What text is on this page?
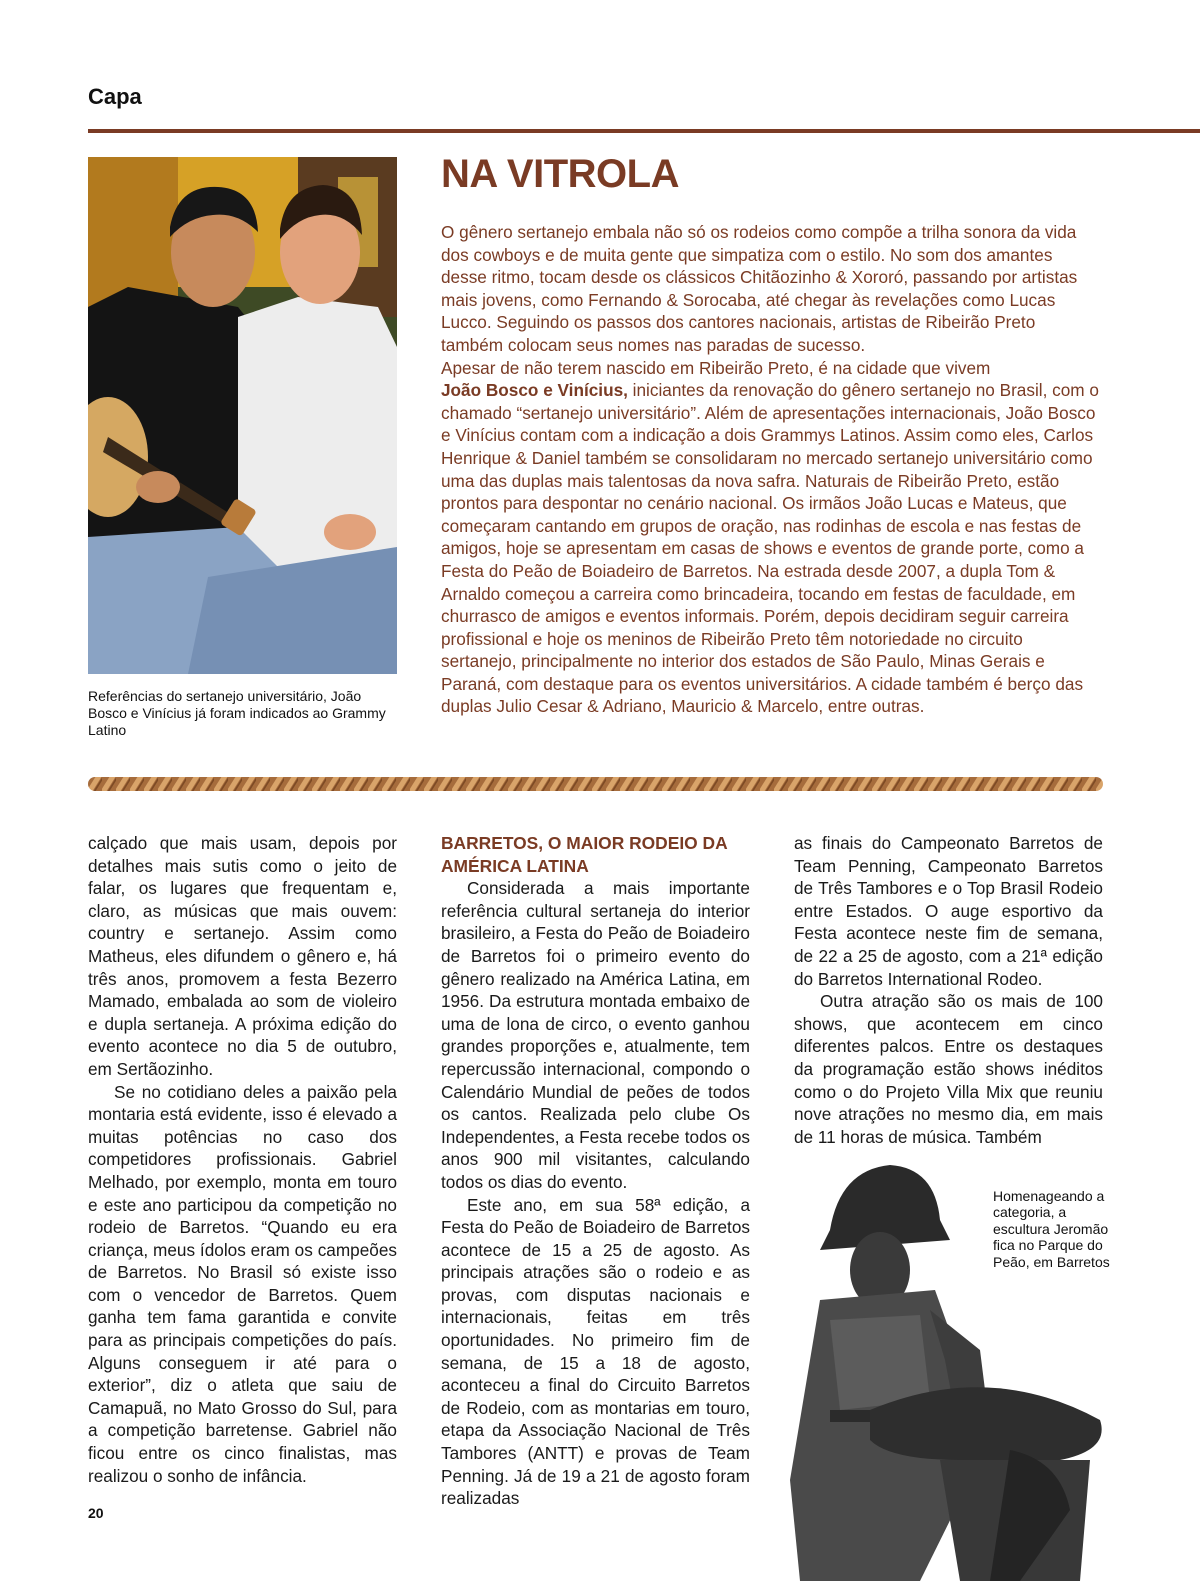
Capa
Referências do sertanejo universitário, João Bosco e Vinícius já foram indicados ao Grammy Latino
NA VITROLA
O gênero sertanejo embala não só os rodeios como compõe a trilha sonora da vida dos cowboys e de muita gente que simpatiza com o estilo. No som dos amantes desse ritmo, tocam desde os clássicos Chitãozinho & Xororó, passando por artistas mais jovens, como Fernando & Sorocaba, até chegar às revelações como Lucas Lucco. Seguindo os passos dos cantores nacionais, artistas de Ribeirão Preto também colocam seus nomes nas paradas de sucesso.
Apesar de não terem nascido em Ribeirão Preto, é na cidade que vivem
João Bosco e Vinícius, iniciantes da renovação do gênero sertanejo no Brasil, com o chamado “sertanejo universitário”. Além de apresentações internacionais, João Bosco e Vinícius contam com a indicação a dois Grammys Latinos. Assim como eles, Carlos Henrique & Daniel também se consolidaram no mercado sertanejo universitário como uma das duplas mais talentosas da nova safra. Naturais de Ribeirão Preto, estão prontos para despontar no cenário nacional. Os irmãos João Lucas e Mateus, que começaram cantando em grupos de oração, nas rodinhas de escola e nas festas de amigos, hoje se apresentam em casas de shows e eventos de grande porte, como a Festa do Peão de Boiadeiro de Barretos. Na estrada desde 2007, a dupla Tom & Arnaldo começou a carreira como brincadeira, tocando em festas de faculdade, em churrasco de amigos e eventos informais. Porém, depois decidiram seguir carreira profissional e hoje os meninos de Ribeirão Preto têm notoriedade no circuito sertanejo, principalmente no interior dos estados de São Paulo, Minas Gerais e Paraná, com destaque para os eventos universitários. A cidade também é berço das duplas Julio Cesar & Adriano, Mauricio & Marcelo, entre outras.

calçado que mais usam, depois por detalhes mais sutis como o jeito de falar, os lugares que frequentam e, claro, as músicas que mais ouvem: country e sertanejo. Assim como Matheus, eles difundem o gênero e, há três anos, promovem a festa Bezerro Mamado, embalada ao som de violeiro e dupla sertaneja. A próxima edição do evento acontece no dia 5 de outubro, em Sertãozinho.

Se no cotidiano deles a paixão pela montaria está evidente, isso é elevado a muitas potências no caso dos competidores profissionais. Gabriel Melhado, por exemplo, monta em touro e este ano participou da competição no rodeio de Barretos. “Quando eu era criança, meus ídolos eram os campeões de Barretos. No Brasil só existe isso com o vencedor de Barretos. Quem ganha tem fama garantida e convite para as principais competições do país. Alguns conseguem ir até para o exterior”, diz o atleta que saiu de Camapuã, no Mato Grosso do Sul, para a competição barretense. Gabriel não ficou entre os cinco finalistas, mas realizou o sonho de infância.

BARRETOS, O MAIOR RODEIO DA AMÉRICA LATINA

Considerada a mais importante referência cultural sertaneja do interior brasileiro, a Festa do Peão de Boiadeiro de Barretos foi o primeiro evento do gênero realizado na América Latina, em 1956. Da estrutura montada embaixo de uma de lona de circo, o evento ganhou grandes proporções e, atualmente, tem repercussão internacional, compondo o Calendário Mundial de peões de todos os cantos. Realizada pelo clube Os Independentes, a Festa recebe todos os anos 900 mil visitantes, calculando todos os dias do evento.

Este ano, em sua 58ª edição, a Festa do Peão de Boiadeiro de Barretos acontece de 15 a 25 de agosto. As principais atrações são o rodeio e as provas, com disputas nacionais e internacionais, feitas em três oportunidades. No primeiro fim de semana, de 15 a 18 de agosto, aconteceu a final do Circuito Barretos de Rodeio, com as montarias em touro, etapa da Associação Nacional de Três Tambores (ANTT) e provas de Team Penning. Já de 19 a 21 de agosto foram realizadas

as finais do Campeonato Barretos de Team Penning, Campeonato Barretos de Três Tambores e o Top Brasil Rodeio entre Estados. O auge esportivo da Festa acontece neste fim de semana, de 22 a 25 de agosto, com a 21ª edição do Barretos International Rodeo.

Outra atração são os mais de 100 shows, que acontecem em cinco diferentes palcos. Entre os destaques da programação estão shows inéditos como o do Projeto Villa Mix que reuniu nove atrações no mesmo dia, em mais de 11 horas de música. Também

Homenageando a categoria, a escultura Jeromão fica no Parque do Peão, em Barretos
20
